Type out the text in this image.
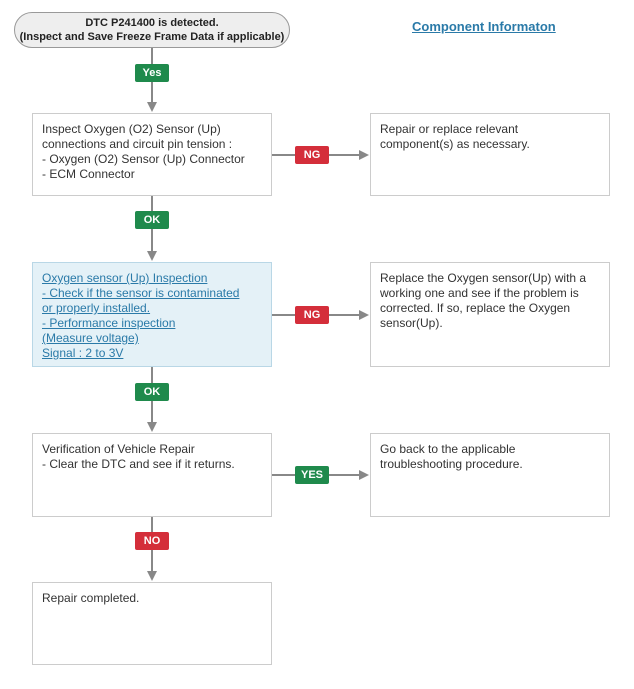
DTC P241400 is detected.
(Inspect and Save Freeze Frame Data if applicable)
Component Informaton
Yes
Inspect Oxygen (O2) Sensor (Up)
connections and circuit pin tension :
- Oxygen (O2) Sensor (Up) Connector
- ECM Connector
NG
Repair or replace relevant
component(s) as necessary.
OK
Oxygen sensor (Up) Inspection
- Check if the sensor is contaminated
or properly installed.
- Performance inspection
(Measure voltage)
Signal : 2 to 3V
NG
Replace the Oxygen sensor(Up) with a
working one and see if the problem is
corrected. If so, replace the Oxygen
sensor(Up).
OK
Verification of Vehicle Repair
- Clear the DTC and see if it returns.
YES
Go back to the applicable
troubleshooting procedure.
NO
Repair completed.
